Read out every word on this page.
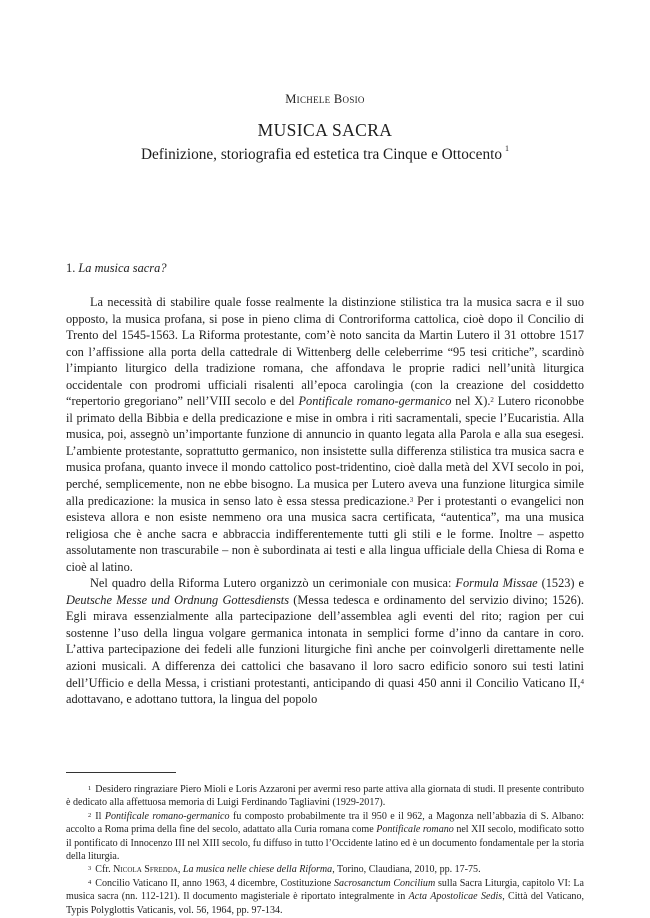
Michele Bosio
MUSICA SACRA
Definizione, storiografia ed estetica tra Cinque e Ottocento $^1$
1. La musica sacra?

La necessità di stabilire quale fosse realmente la distinzione stilistica tra la musica sacra e il suo opposto, la musica profana, si pose in pieno clima di Controriforma cattolica, cioè dopo il Concilio di Trento del 1545-1563. La Riforma protestante, com’è noto sancita da Martin Lutero il 31 ottobre 1517 con l’affissione alla porta della cattedrale di Wittenberg delle celeberrime “95 tesi critiche”, scardinò l’impianto liturgico della tradizione romana, che affondava le proprie radici nell’unità liturgica occidentale con prodromi ufficiali risalenti all’epoca carolingia (con la creazione del cosiddetto “repertorio gregoriano” nell’VIII secolo e del Pontificale romano-germanico nel X).$^2$ Lutero riconobbe il primato della Bibbia e della predicazione e mise in ombra i riti sacramentali, specie l’Eucaristia. Alla musica, poi, assegnò un’importante funzione di annuncio in quanto legata alla Parola e alla sua esegesi. L’ambiente protestante, soprattutto germanico, non insistette sulla differenza stilistica tra musica sacra e musica profana, quanto invece il mondo cattolico post-tridentino, cioè dalla metà del XVI secolo in poi, perché, semplicemente, non ne ebbe bisogno. La musica per Lutero aveva una funzione liturgica simile alla predicazione: la musica in senso lato è essa stessa predicazione.$^3$ Per i protestanti o evangelici non esisteva allora e non esiste nemmeno ora una musica sacra certificata, “autentica”, ma una musica religiosa che è anche sacra e abbraccia indifferentemente tutti gli stili e le forme. Inoltre – aspetto assolutamente non trascurabile – non è subordinata ai testi e alla lingua ufficiale della Chiesa di Roma e cioè al latino.

Nel quadro della Riforma Lutero organizzò un cerimoniale con musica: Formula Missae (1523) e Deutsche Messe und Ordnung Gottesdiensts (Messa tedesca e ordinamento del servizio divino; 1526). Egli mirava essenzialmente alla partecipazione dell’assemblea agli eventi del rito; ragion per cui sostenne l’uso della lingua volgare germanica intonata in semplici forme d’inno da cantare in coro. L’attiva partecipazione dei fedeli alle funzioni liturgiche finì anche per coinvolgerli direttamente nelle azioni musicali. A differenza dei cattolici che basavano il loro sacro edificio sonoro sui testi latini dell’Ufficio e della Messa, i cristiani protestanti, anticipando di quasi 450 anni il Concilio Vaticano II,$^4$ adottavano, e adottano tuttora, la lingua del popolo

$^1$ Desidero ringraziare Piero Mioli e Loris Azzaroni per avermi reso parte attiva alla giornata di studi. Il presente contributo è dedicato alla affettuosa memoria di Luigi Ferdinando Tagliavini (1929-2017).

$^2$ Il Pontificale romano-germanico fu composto probabilmente tra il 950 e il 962, a Magonza nell’abbazia di S. Albano: accolto a Roma prima della fine del secolo, adattato alla Curia romana come Pontificale romano nel XII secolo, modificato sotto il pontificato di Innocenzo III nel XIII secolo, fu diffuso in tutto l’Occidente latino ed è un documento fondamentale per la storia della liturgia.

$^3$ Cfr. Nicola Sfredda, La musica nelle chiese della Riforma, Torino, Claudiana, 2010, pp. 17-75.

$^4$ Concilio Vaticano II, anno 1963, 4 dicembre, Costituzione Sacrosanctum Concilium sulla Sacra Liturgia, capitolo VI: La musica sacra (nn. 112-121). Il documento magisteriale è riportato integralmente in Acta Apostolicae Sedis, Città del Vaticano, Typis Polyglottis Vaticanis, vol. 56, 1964, pp. 97-134.
